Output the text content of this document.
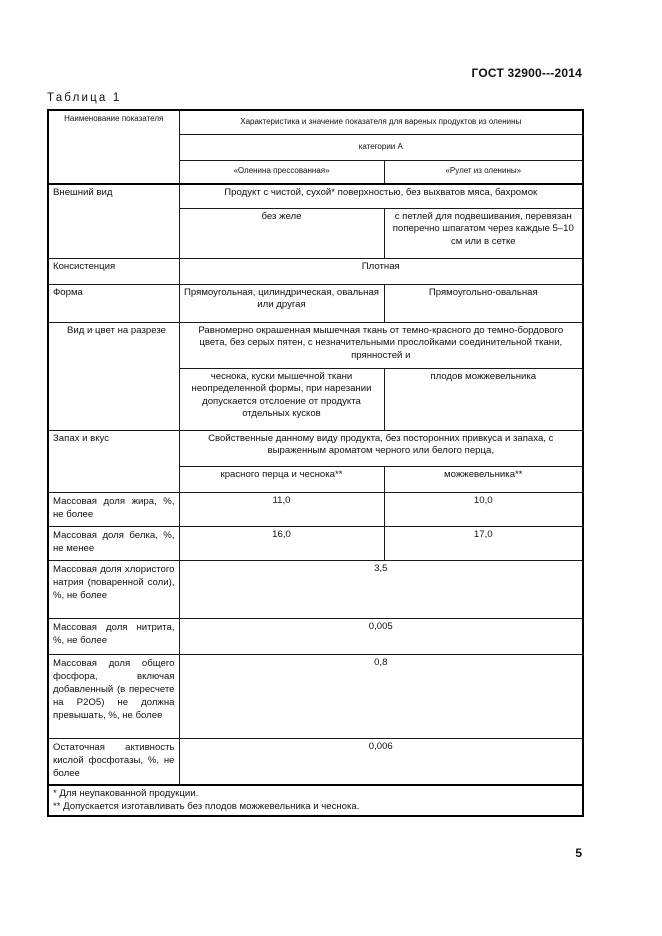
ГОСТ 32900---2014
Таблица 1
Наименование показателя	Характеристика и значение показателя для вареных продуктов из оленины	
	категории А	
	«Оленина прессованная»	«Рулет из оленины»
Внешний вид	Продукт с чистой, сухой* поверхностью, без выхватов мяса, бахромок	
	без желе	с петлей для подвешивания, перевязан поперечно шпагатом через каждые 5–10 см или в сетке
Консистенция	Плотная	
Форма	Прямоугольная, цилиндрическая, овальная или другая	Прямоугольно-овальная
Вид и цвет на разрезе	Равномерно окрашенная мышечная ткань от темно-красного до темно-бордового цвета, без серых пятен, с незначительными прослойками соединительной ткани, прянностей и	
	чеснока, куски мышечной ткани неопределенной формы, при нарезании допускается отслоение от продукта отдельных кусков	плодов можжевельника
Запах и вкус	Свойственные данному виду продукта, без посторонних привкуса и запаха, с выраженным ароматом черного или белого перца,	
	красного перца и чеснока**	можжевельника**
Массовая доля жира, %, не более	11,0	10,0
Массовая доля белка, %, не менее	16,0	17,0
Массовая доля хлористого натрия (поваренной соли), %, не более	3,5	
Массовая доля нитрита, %, не более	0,005	
Массовая доля общего фосфора, включая добавленный (в пересчете на Р2О5) не должна превышать, %, не более	0,8	
Остаточная активность кислой фосфотазы, %, не более	0,006	

* Для неупакованной продукции.
** Допускается изготавливать без плодов можжевельника и чеснока.		
5
